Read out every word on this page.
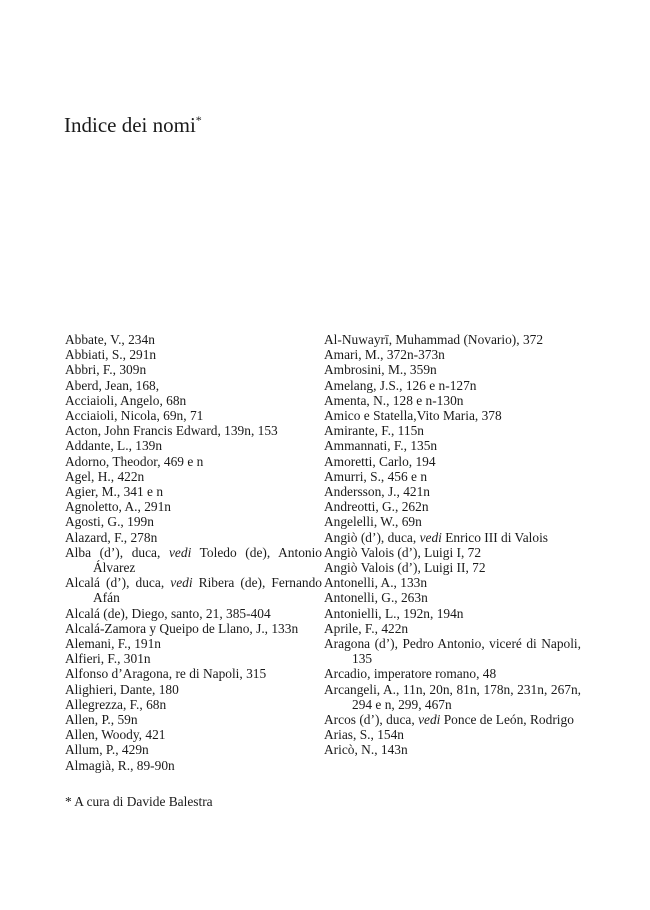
Indice dei nomi*
Abbate, V., 234n
Abbiati, S., 291n
Abbri, F., 309n
Aberd, Jean, 168,
Acciaioli, Angelo, 68n
Acciaioli, Nicola, 69n, 71
Acton, John Francis Edward, 139n, 153
Addante, L., 139n
Adorno, Theodor, 469 e n
Agel, H., 422n
Agier, M., 341 e n
Agnoletto, A., 291n
Agosti, G., 199n
Alazard, F., 278n
Alba (d’), duca, vedi Toledo (de), Antonio Álvarez
Alcalá (d’), duca, vedi Ribera (de), Fernando Afán
Alcalá (de), Diego, santo, 21, 385-404
Alcalá-Zamora y Queipo de Llano, J., 133n
Alemani, F., 191n
Alfieri, F., 301n
Alfonso d’Aragona, re di Napoli, 315
Alighieri, Dante, 180
Allegrezza, F., 68n
Allen, P., 59n
Allen, Woody, 421
Allum, P., 429n
Almagià, R., 89-90n
Al-Nuwayrī, Muhammad (Novario), 372
Amari, M., 372n-373n
Ambrosini, M., 359n
Amelang, J.S., 126 e n-127n
Amenta, N., 128 e n-130n
Amico e Statella,Vito Maria, 378
Amirante, F., 115n
Ammannati, F., 135n
Amoretti, Carlo, 194
Amurri, S., 456 e n
Andersson, J., 421n
Andreotti, G., 262n
Angelelli, W., 69n
Angiò (d’), duca, vedi Enrico III di Valois
Angiò Valois (d’), Luigi I, 72
Angiò Valois (d’), Luigi II, 72
Antonelli, A., 133n
Antonelli, G., 263n
Antonielli, L., 192n, 194n
Aprile, F., 422n
Aragona (d’), Pedro Antonio, viceré di Napoli, 135
Arcadio, imperatore romano, 48
Arcangeli, A., 11n, 20n, 81n, 178n, 231n, 267n, 294 e n, 299, 467n
Arcos (d’), duca, vedi Ponce de León, Rodrigo
Arias, S., 154n
Aricò, N., 143n
* A cura di Davide Balestra
